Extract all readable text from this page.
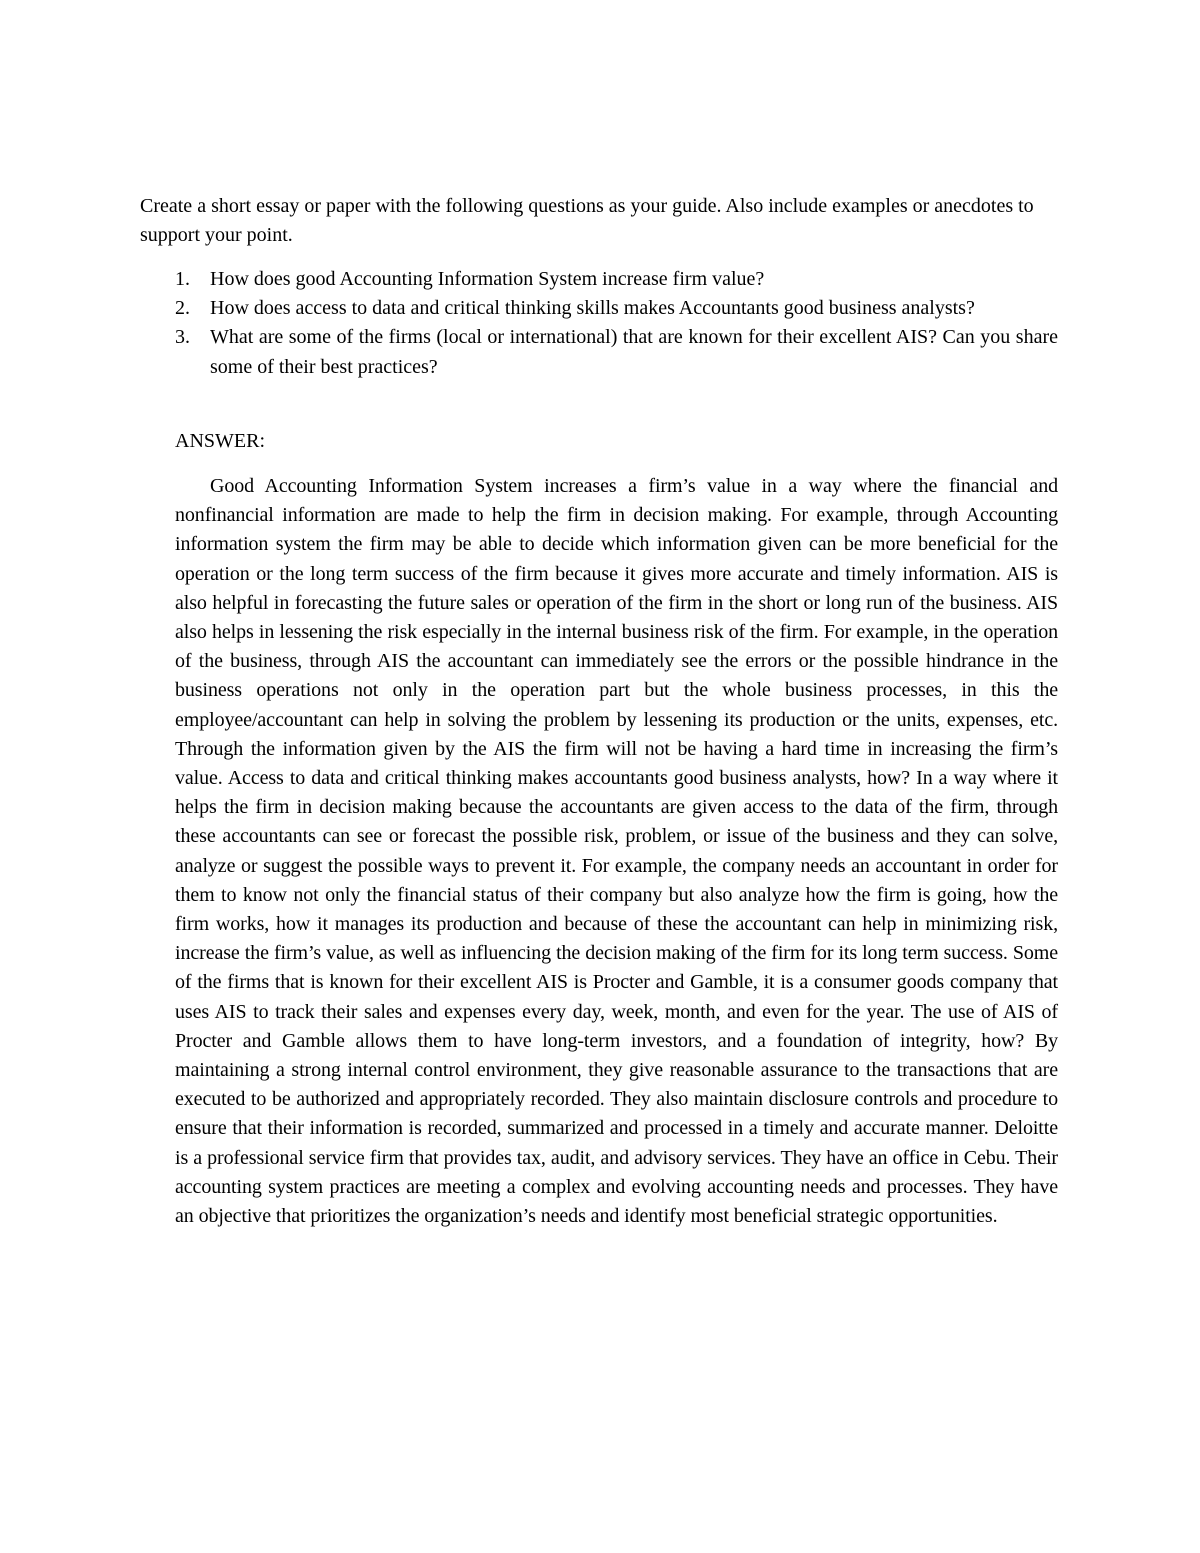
Create a short essay or paper with the following questions as your guide. Also include examples or anecdotes to support your point.

1. How does good Accounting Information System increase firm value?
2. How does access to data and critical thinking skills makes Accountants good business analysts?
3. What are some of the firms (local or international) that are known for their excellent AIS? Can you share some of their best practices?

ANSWER:

Good Accounting Information System increases a firm’s value in a way where the financial and nonfinancial information are made to help the firm in decision making. For example, through Accounting information system the firm may be able to decide which information given can be more beneficial for the operation or the long term success of the firm because it gives more accurate and timely information. AIS is also helpful in forecasting the future sales or operation of the firm in the short or long run of the business. AIS also helps in lessening the risk especially in the internal business risk of the firm. For example, in the operation of the business, through AIS the accountant can immediately see the errors or the possible hindrance in the business operations not only in the operation part but the whole business processes, in this the employee/accountant can help in solving the problem by lessening its production or the units, expenses, etc. Through the information given by the AIS the firm will not be having a hard time in increasing the firm’s value. Access to data and critical thinking makes accountants good business analysts, how? In a way where it helps the firm in decision making because the accountants are given access to the data of the firm, through these accountants can see or forecast the possible risk, problem, or issue of the business and they can solve, analyze or suggest the possible ways to prevent it. For example, the company needs an accountant in order for them to know not only the financial status of their company but also analyze how the firm is going, how the firm works, how it manages its production and because of these the accountant can help in minimizing risk, increase the firm’s value, as well as influencing the decision making of the firm for its long term success. Some of the firms that is known for their excellent AIS is Procter and Gamble, it is a consumer goods company that uses AIS to track their sales and expenses every day, week, month, and even for the year. The use of AIS of Procter and Gamble allows them to have long-term investors, and a foundation of integrity, how? By maintaining a strong internal control environment, they give reasonable assurance to the transactions that are executed to be authorized and appropriately recorded. They also maintain disclosure controls and procedure to ensure that their information is recorded, summarized and processed in a timely and accurate manner. Deloitte is a professional service firm that provides tax, audit, and advisory services. They have an office in Cebu. Their accounting system practices are meeting a complex and evolving accounting needs and processes. They have an objective that prioritizes the organization’s needs and identify most beneficial strategic opportunities.
